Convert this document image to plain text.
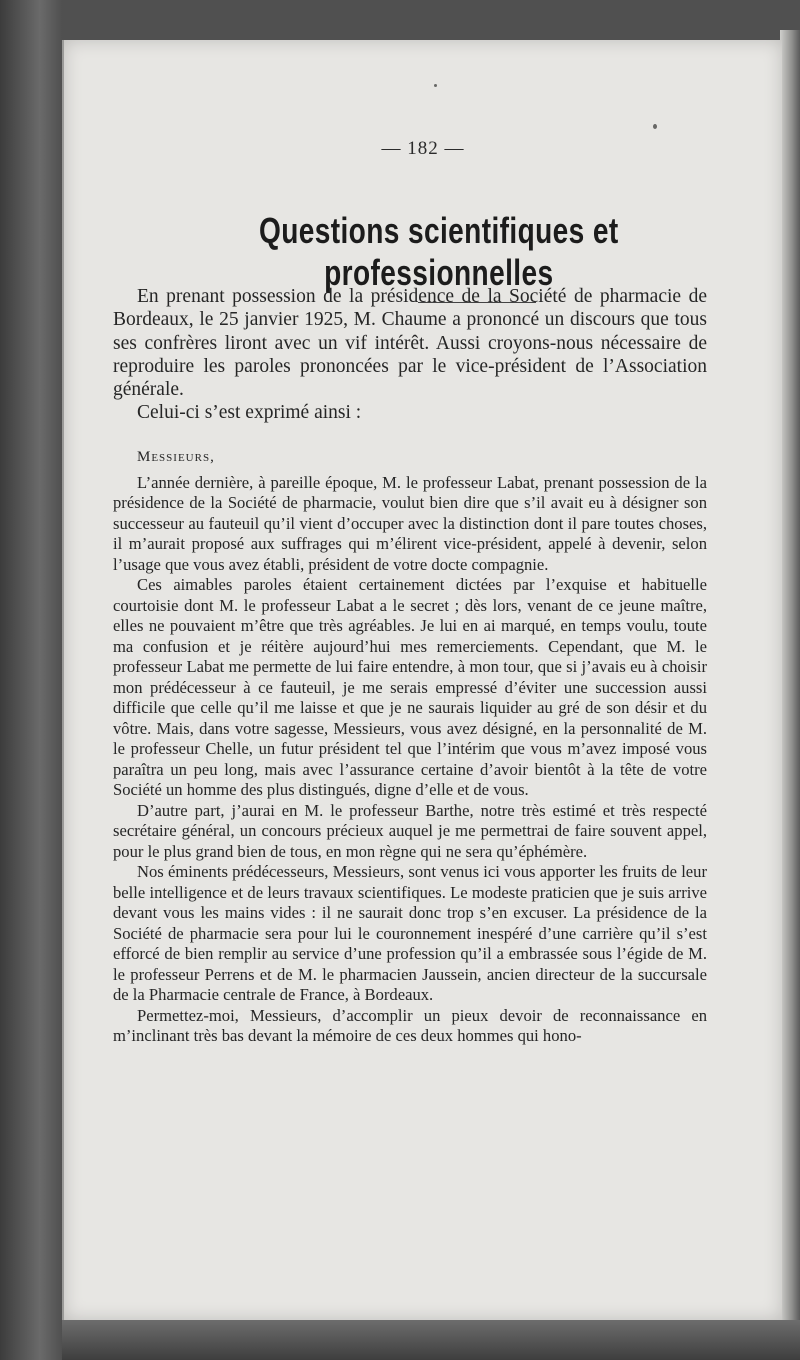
— 182 —
Questions scientifiques et professionnelles

En prenant possession de la présidence de la Société de pharmacie de Bordeaux, le 25 janvier 1925, M. Chaume a prononcé un discours que tous ses confrères liront avec un vif intérêt. Aussi croyons-nous nécessaire de reproduire les paroles prononcées par le vice-président de l’Association générale.

Celui-ci s’est exprimé ainsi :

Messieurs,

L’année dernière, à pareille époque, M. le professeur Labat, prenant possession de la présidence de la Société de pharmacie, voulut bien dire que s’il avait eu à désigner son successeur au fauteuil qu’il vient d’occuper avec la distinction dont il pare toutes choses, il m’aurait proposé aux suffrages qui m’élirent vice-président, appelé à devenir, selon l’usage que vous avez établi, président de votre docte compagnie.

Ces aimables paroles étaient certainement dictées par l’exquise et habituelle courtoisie dont M. le professeur Labat a le secret ; dès lors, venant de ce jeune maître, elles ne pouvaient m’être que très agréables. Je lui en ai marqué, en temps voulu, toute ma confusion et je réitère aujourd’hui mes remerciements. Cependant, que M. le professeur Labat me permette de lui faire entendre, à mon tour, que si j’avais eu à choisir mon prédécesseur à ce fauteuil, je me serais empressé d’éviter une succession aussi difficile que celle qu’il me laisse et que je ne saurais liquider au gré de son désir et du vôtre. Mais, dans votre sagesse, Messieurs, vous avez désigné, en la personnalité de M. le professeur Chelle, un futur président tel que l’intérim que vous m’avez imposé vous paraîtra un peu long, mais avec l’assurance certaine d’avoir bientôt à la tête de votre Société un homme des plus distingués, digne d’elle et de vous.

D’autre part, j’aurai en M. le professeur Barthe, notre très estimé et très respecté secrétaire général, un concours précieux auquel je me permettrai de faire souvent appel, pour le plus grand bien de tous, en mon règne qui ne sera qu’éphémère.

Nos éminents prédécesseurs, Messieurs, sont venus ici vous apporter les fruits de leur belle intelligence et de leurs travaux scientifiques. Le modeste praticien que je suis arrive devant vous les mains vides : il ne saurait donc trop s’en excuser. La présidence de la Société de pharmacie sera pour lui le couronnement inespéré d’une carrière qu’il s’est efforcé de bien remplir au service d’une profession qu’il a embrassée sous l’égide de M. le professeur Perrens et de M. le pharmacien Jaussein, ancien directeur de la succursale de la Pharmacie centrale de France, à Bordeaux.

Permettez-moi, Messieurs, d’accomplir un pieux devoir de reconnaissance en m’inclinant très bas devant la mémoire de ces deux hommes qui hono-
